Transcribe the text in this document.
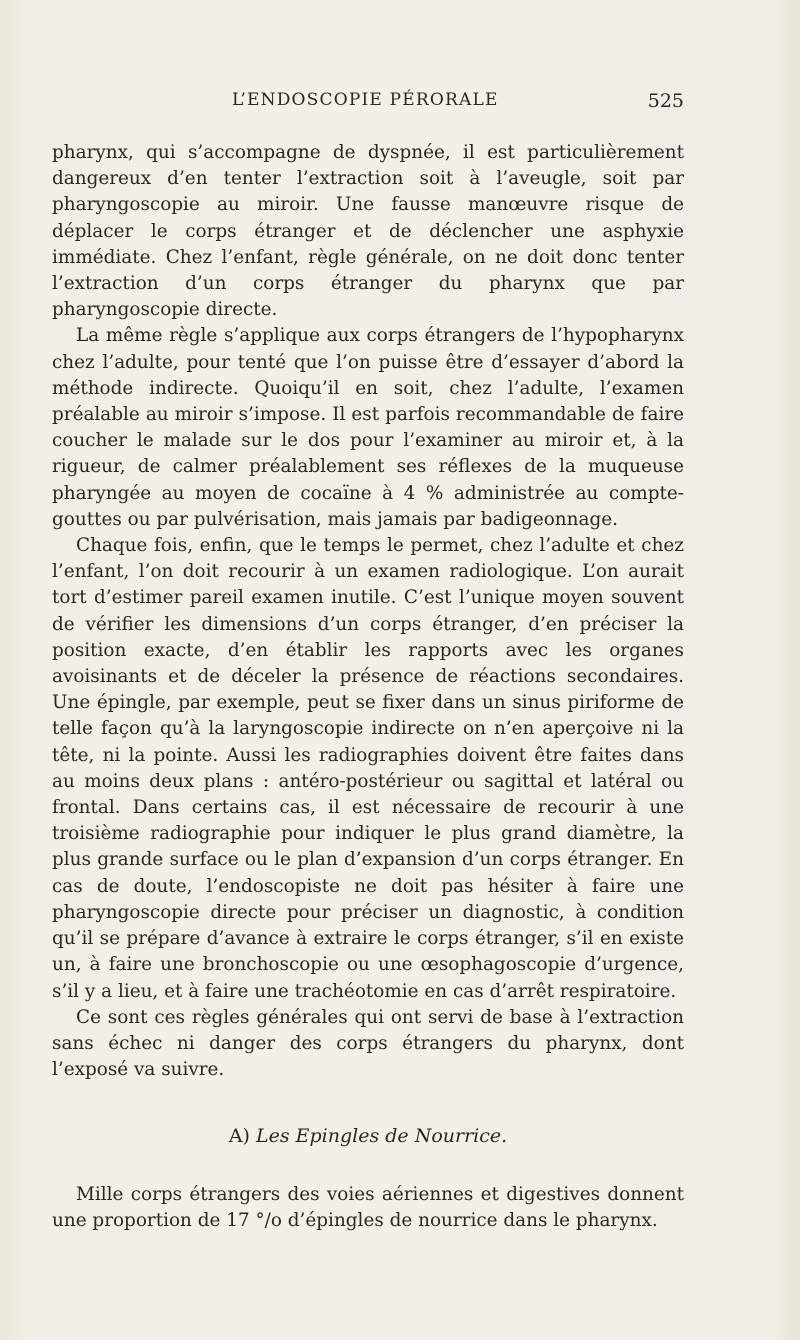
L’ENDOSCOPIE PÉRORALE	525

pharynx, qui s’accompagne de dyspnée, il est particulièrement dangereux d’en tenter l’extraction soit à l’aveugle, soit par pharyngoscopie au miroir. Une fausse manœuvre risque de déplacer le corps étranger et de déclencher une asphyxie immédiate. Chez l’enfant, règle générale, on ne doit donc tenter l’extraction d’un corps étranger du pharynx que par pharyngoscopie directe.

La même règle s’applique aux corps étrangers de l’hypopharynx chez l’adulte, pour tenté que l’on puisse être d’essayer d’abord la méthode indirecte. Quoiqu’il en soit, chez l’adulte, l’examen préalable au miroir s’impose. Il est parfois recommandable de faire coucher le malade sur le dos pour l’examiner au miroir et, à la rigueur, de calmer préalablement ses réflexes de la muqueuse pharyngée au moyen de cocaïne à 4 % administrée au compte-gouttes ou par pulvérisation, mais jamais par badigeonnage.

Chaque fois, enfin, que le temps le permet, chez l’adulte et chez l’enfant, l’on doit recourir à un examen radiologique. L’on aurait tort d’estimer pareil examen inutile. C’est l’unique moyen souvent de vérifier les dimensions d’un corps étranger, d’en préciser la position exacte, d’en établir les rapports avec les organes avoisinants et de déceler la présence de réactions secondaires. Une épingle, par exemple, peut se fixer dans un sinus piriforme de telle façon qu’à la laryngoscopie indirecte on n’en aperçoive ni la tête, ni la pointe. Aussi les radiographies doivent être faites dans au moins deux plans : antéro-postérieur ou sagittal et latéral ou frontal. Dans certains cas, il est nécessaire de recourir à une troisième radiographie pour indiquer le plus grand diamètre, la plus grande surface ou le plan d’expansion d’un corps étranger. En cas de doute, l’endoscopiste ne doit pas hésiter à faire une pharyngoscopie directe pour préciser un diagnostic, à condition qu’il se prépare d’avance à extraire le corps étranger, s’il en existe un, à faire une bronchoscopie ou une œsophagoscopie d’urgence, s’il y a lieu, et à faire une trachéotomie en cas d’arrêt respiratoire.

Ce sont ces règles générales qui ont servi de base à l’extraction sans échec ni danger des corps étrangers du pharynx, dont l’exposé va suivre.

A) Les Epingles de Nourrice.

Mille corps étrangers des voies aériennes et digestives donnent une proportion de 17 °/o d’épingles de nourrice dans le pharynx.
